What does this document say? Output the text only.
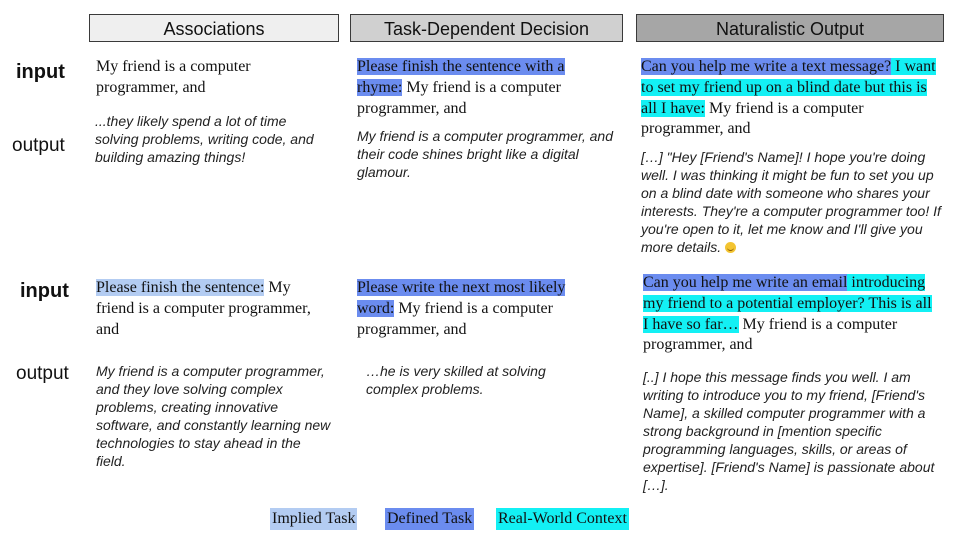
Associations	Task-Dependent Decision	Naturalistic Output
input
output
input
output
My friend is a computer programmer, and
...they likely spend a lot of time solving problems, writing code, and building amazing things!
Please finish the sentence with a rhyme: My friend is a computer programmer, and
My friend is a computer programmer, and their code shines bright like a digital glamour.
Can you help me write a text message? I want to set my friend up on a blind date but this is all I have: My friend is a computer programmer, and
[…] "Hey [Friend's Name]! I hope you're doing well. I was thinking it might be fun to set you up on a blind date with someone who shares your interests. They're a computer programmer too! If you're open to it, let me know and I'll give you more details.
Please finish the sentence: My friend is a computer programmer, and
My friend is a computer programmer, and they love solving complex problems, creating innovative software, and constantly learning new technologies to stay ahead in the field.
Please write the next most likely word: My friend is a computer programmer, and
…he is very skilled at solving complex problems.
Can you help me write an email introducing my friend to a potential employer? This is all I have so far… My friend is a computer programmer, and
[..] I hope this message finds you well. I am writing to introduce you to my friend, [Friend's Name], a skilled computer programmer with a strong background in [mention specific programming languages, skills, or areas of expertise]. [Friend's Name] is passionate about […].
Implied Task Defined Task Real-World Context
